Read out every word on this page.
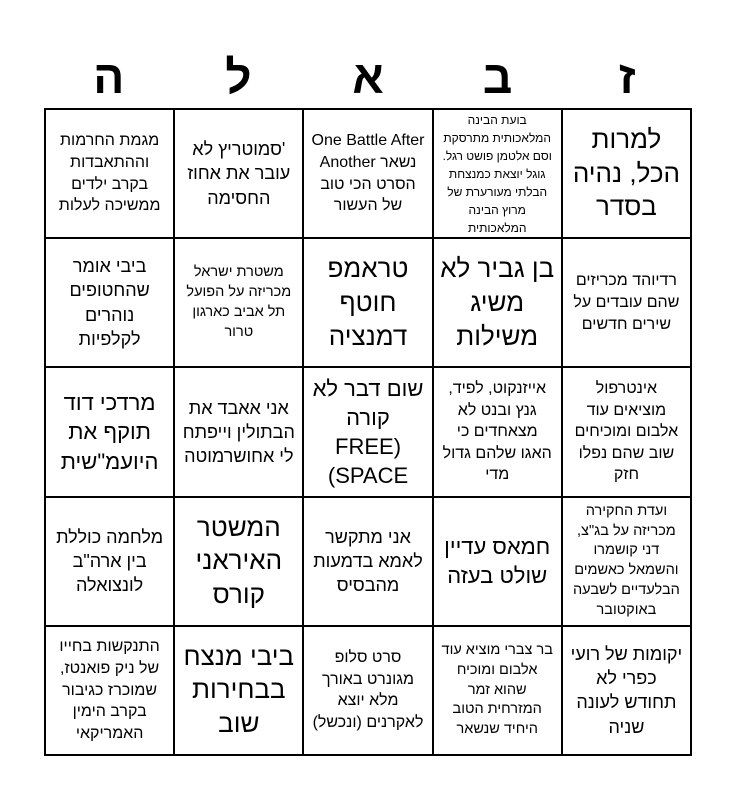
ז
ב
א
ל
ה
למרות הכל, נהיה בסדר
בועת הבינה המלאכותית מתרסקת וסם אלטמן פושט רגל. גוגל יוצאת כמנצחת הבלתי מעורערת של מרוץ הבינה המלאכותית
One Battle After Another נשאר הסרט הכי טוב של העשור
'סמוטריץ לא עובר את אחוז החסימה
מגמת החרמות וההתאבדות בקרב ילדים ממשיכה לעלות
רדיוהד מכריזים שהם עובדים על שירים חדשים
בן גביר לא משיג משילות
טראמפ חוטף דמנציה
משטרת ישראל מכריזה על הפועל תל אביב כארגון טרור
ביבי אומר שהחטופים נוהרים לקלפיות
אינטרפול מוציאים עוד אלבום ומוכיחים שוב שהם נפלו חזק
אייזנקוט, לפיד, גנץ ובנט לא מצאחדים כי האגו שלהם גדול מדי
שום דבר לא קורה (FREE SPACE)
אני אאבד את הבתולין וייפתח לי אחושרמוטה
מרדכי דוד תוקף את היועמ"שית
ועדת החקירה מכריזה על בג"צ, דני קושמרו והשמאל כאשמים הבלעדיים לשבעה באוקטובר
חמאס עדיין שולט בעזה
אני מתקשר לאמא בדמעות מהבסיס
המשטר האיראני קורס
מלחמה כוללת בין ארה"ב לונצואלה
יקומות של רועי כפרי לא תחודש לעונה שניה
בר צברי מוציא עוד אלבום ומוכיח שהוא זמר המזרחית הטוב היחיד שנשאר
סרט סלופ מגונרט באורך מלא יוצא לאקרנים (ונכשל)
ביבי מנצח בבחירות שוב
התנקשות בחייו של ניק פואנטז, שמוכרז כגיבור בקרב הימין האמריקאי
